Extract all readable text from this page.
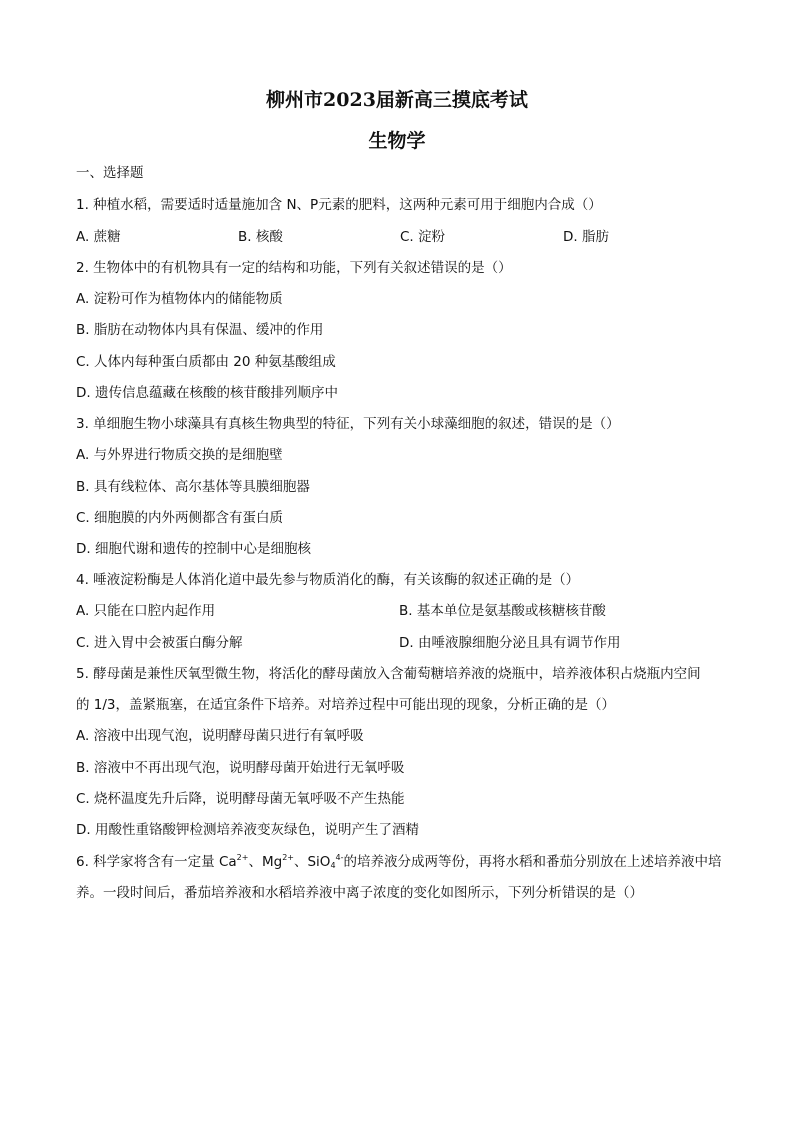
柳州市2023届新高三摸底考试
生物学
一、选择题
1. 种植水稻，需要适时适量施加含 N、P元素的肥料，这两种元素可用于细胞内合成（）
A. 蔗糖	B. 核酸	C. 淀粉	D. 脂肪
2. 生物体中的有机物具有一定的结构和功能，下列有关叙述错误的是（）
A. 淀粉可作为植物体内的储能物质
B. 脂肪在动物体内具有保温、缓冲的作用
C. 人体内每种蛋白质都由 20 种氨基酸组成
D. 遗传信息蕴藏在核酸的核苷酸排列顺序中
3. 单细胞生物小球藻具有真核生物典型的特征，下列有关小球藻细胞的叙述，错误的是（）
A. 与外界进行物质交换的是细胞壁
B. 具有线粒体、高尔基体等具膜细胞器
C. 细胞膜的内外两侧都含有蛋白质
D. 细胞代谢和遗传的控制中心是细胞核
4. 唾液淀粉酶是人体消化道中最先参与物质消化的酶，有关该酶的叙述正确的是（）
A. 只能在口腔内起作用	B. 基本单位是氨基酸或核糖核苷酸
C. 进入胃中会被蛋白酶分解	D. 由唾液腺细胞分泌且具有调节作用
5. 酵母菌是兼性厌氧型微生物，将活化的酵母菌放入含葡萄糖培养液的烧瓶中，培养液体积占烧瓶内空间
的 1/3，盖紧瓶塞，在适宜条件下培养。对培养过程中可能出现的现象，分析正确的是（）
A. 溶液中出现气泡，说明酵母菌只进行有氧呼吸
B. 溶液中不再出现气泡，说明酵母菌开始进行无氧呼吸
C. 烧杯温度先升后降，说明酵母菌无氧呼吸不产生热能
D. 用酸性重铬酸钾检测培养液变灰绿色，说明产生了酒精
6. 科学家将含有一定量 $Ca^{2+}$、$Mg^{2+}$、SiO$_4^{4-}$的培养液分成两等份，再将水稻和番茄分别放在上述培养液中培
养。一段时间后，番茄培养液和水稻培养液中离子浓度的变化如图所示，下列分析错误的是（）
